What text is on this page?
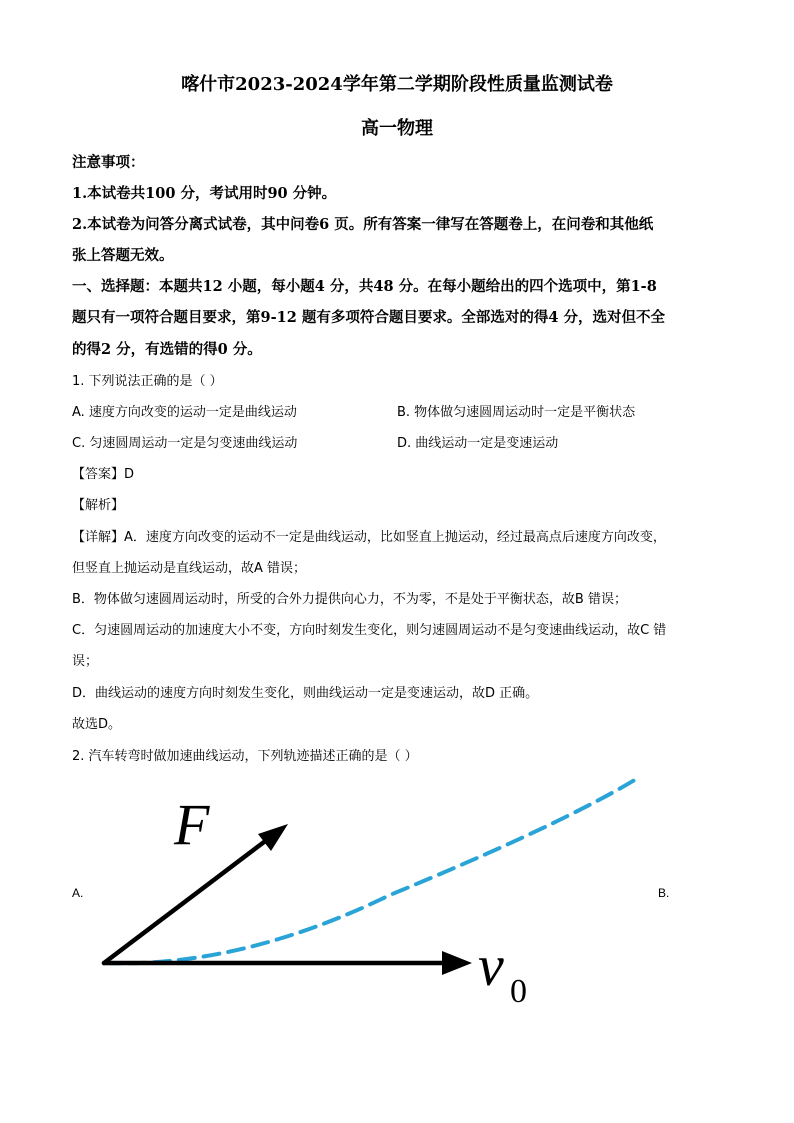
喀什市2023-2024学年第二学期阶段性质量监测试卷
高一物理
注意事项：
1.本试卷共100 分，考试用时90 分钟。
2.本试卷为问答分离式试卷，其中问卷6 页。所有答案一律写在答题卷上，在问卷和其他纸
张上答题无效。
一、选择题：本题共12 小题，每小题4 分，共48 分。在每小题给出的四个选项中，第1-8
题只有一项符合题目要求，第9-12 题有多项符合题目要求。全部选对的得4 分，选对但不全
的得2 分，有选错的得0 分。
1. 下列说法正确的是（ ）
A. 速度方向改变的运动一定是曲线运动	B. 物体做匀速圆周运动时一定是平衡状态
C. 匀速圆周运动一定是匀变速曲线运动	D. 曲线运动一定是变速运动
【答案】D
【解析】
【详解】A．速度方向改变的运动不一定是曲线运动，比如竖直上抛运动，经过最高点后速度方向改变，
但竖直上抛运动是直线运动，故A 错误；
B．物体做匀速圆周运动时，所受的合外力提供向心力，不为零，不是处于平衡状态，故B 错误；
C．匀速圆周运动的加速度大小不变，方向时刻发生变化，则匀速圆周运动不是匀变速曲线运动，故C 错
误；
D．曲线运动的速度方向时刻发生变化，则曲线运动一定是变速运动，故D 正确。
故选D。
2. 汽车转弯时做加速曲线运动，下列轨迹描述正确的是（ ）
A.	B.
F
v 0
